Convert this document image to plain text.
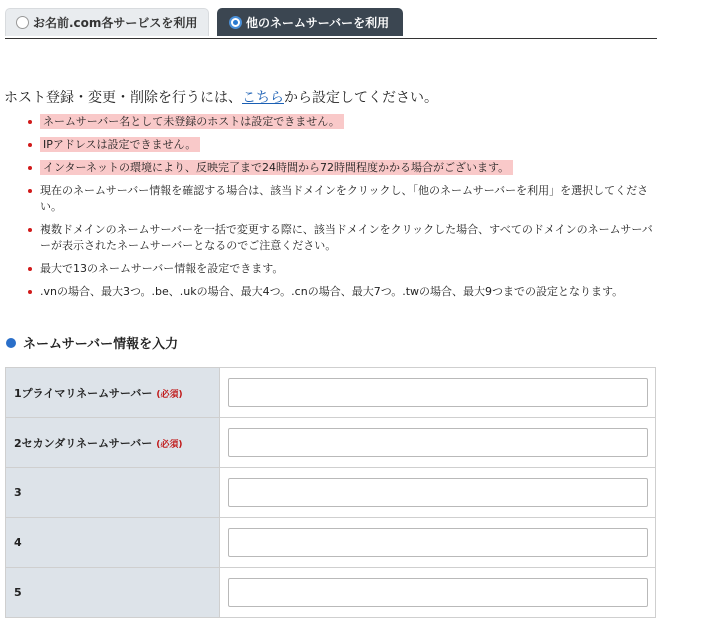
お名前.com各サービスを利用	他のネームサーバーを利用
ホスト登録・変更・削除を行うには、こちらから設定してください。
ネームサーバー名として未登録のホストは設定できません。
IPアドレスは設定できません。
インターネットの環境により、反映完了まで24時間から72時間程度かかる場合がございます。
現在のネームサーバー情報を確認する場合は、該当ドメインをクリックし、「他のネームサーバーを利用」を選択してください。
複数ドメインのネームサーバーを一括で変更する際に、該当ドメインをクリックした場合、すべてのドメインのネームサーバーが表示されたネームサーバーとなるのでご注意ください。
最大で13のネームサーバー情報を設定できます。
.vnの場合、最大3つ。.be、.ukの場合、最大4つ。.cnの場合、最大7つ。.twの場合、最大9つまでの設定となります。
ネームサーバー情報を入力
1プライマリネームサーバー (必須)	
2セカンダリネームサーバー (必須)	
3	
4	
5	
